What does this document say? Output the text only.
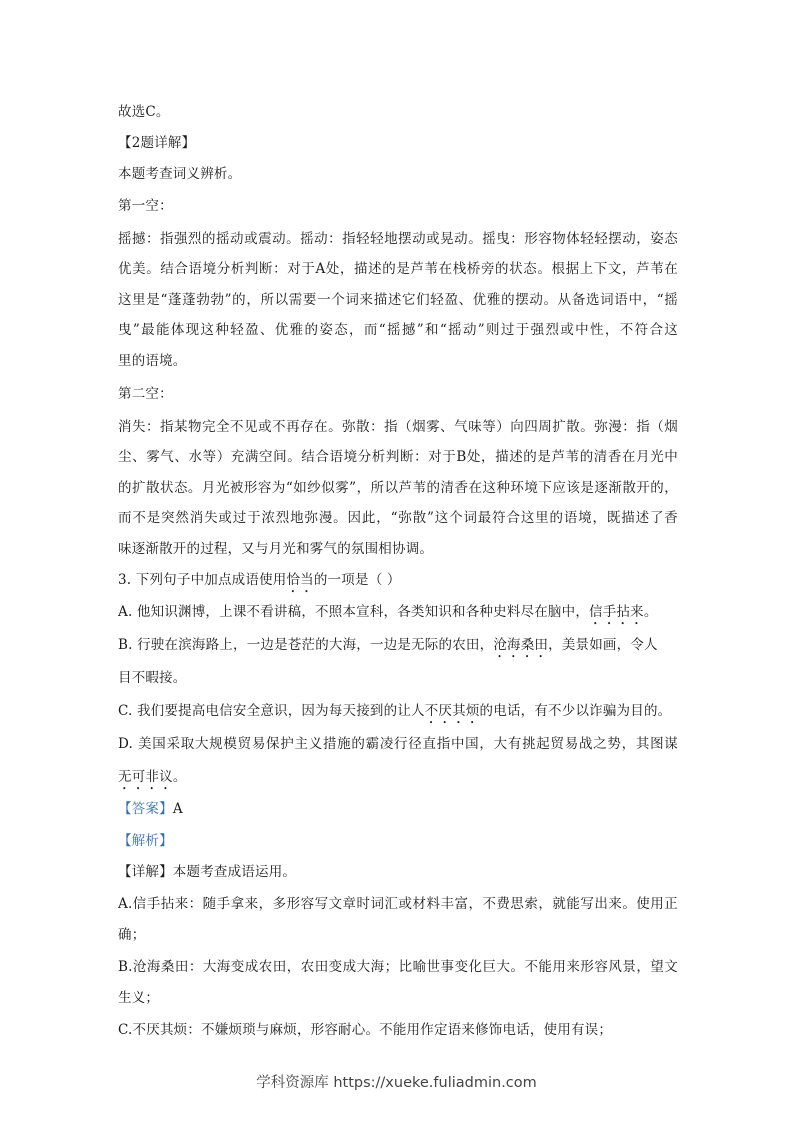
故选C。
【2题详解】
本题考查词义辨析。
第一空：
摇撼：指强烈的摇动或震动。摇动：指轻轻地摆动或晃动。摇曳：形容物体轻轻摆动，姿态
优美。结合语境分析判断：对于A处，描述的是芦苇在栈桥旁的状态。根据上下文，芦苇在
这里是“蓬蓬勃勃”的，所以需要一个词来描述它们轻盈、优雅的摆动。从备选词语中，“摇
曳”最能体现这种轻盈、优雅的姿态，而“摇撼”和“摇动”则过于强烈或中性，不符合这
里的语境。
第二空：
消失：指某物完全不见或不再存在。弥散：指（烟雾、气味等）向四周扩散。弥漫：指（烟
尘、雾气、水等）充满空间。结合语境分析判断：对于B处，描述的是芦苇的清香在月光中
的扩散状态。月光被形容为“如纱似雾”，所以芦苇的清香在这种环境下应该是逐渐散开的，
而不是突然消失或过于浓烈地弥漫。因此，“弥散”这个词最符合这里的语境，既描述了香
味逐渐散开的过程，又与月光和雾气的氛围相协调。
3. 下列句子中加点成语使用恰当的一项是（ ）
A. 他知识渊博，上课不看讲稿，不照本宣科，各类知识和各种史料尽在脑中，信手拈来。
B. 行驶在滨海路上，一边是苍茫的大海，一边是无际的农田，沧海桑田，美景如画，令人
目不暇接。
C. 我们要提高电信安全意识，因为每天接到的让人不厌其烦的电话，有不少以诈骗为目的。
D. 美国采取大规模贸易保护主义措施的霸凌行径直指中国，大有挑起贸易战之势，其图谋
无可非议。
【答案】A
【解析】
【详解】本题考查成语运用。
A.信手拈来：随手拿来，多形容写文章时词汇或材料丰富，不费思索，就能写出来。使用正
确；
B.沧海桑田：大海变成农田，农田变成大海；比喻世事变化巨大。不能用来形容风景，望文
生义；
C.不厌其烦：不嫌烦琐与麻烦，形容耐心。不能用作定语来修饰电话，使用有误；
学科资源库 https://xueke.fuliadmin.com
